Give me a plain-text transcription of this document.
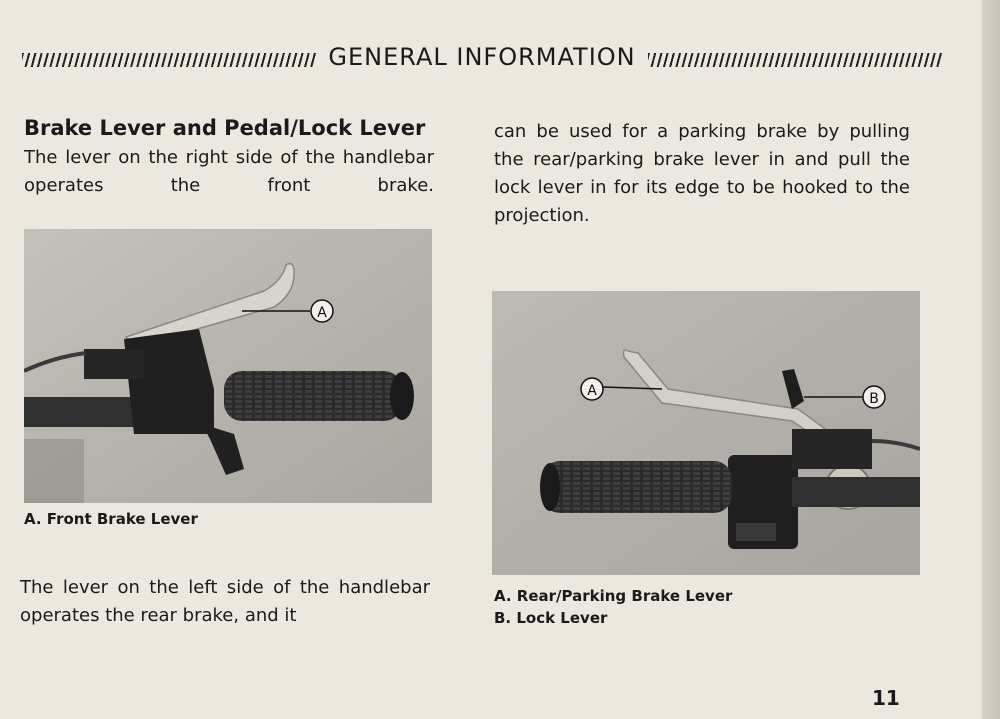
GENERAL INFORMATION
Brake Lever and Pedal/Lock Lever
The lever on the right side of the handlebar operates the front brake.
A
A. Front Brake Lever
The lever on the left side of the handlebar operates the rear brake, and it
can be used for a parking brake by pulling the rear/parking brake lever in and pull the lock lever in for its edge to be hooked to the projection.
A	B
A. Rear/Parking Brake Lever
B. Lock Lever
11
